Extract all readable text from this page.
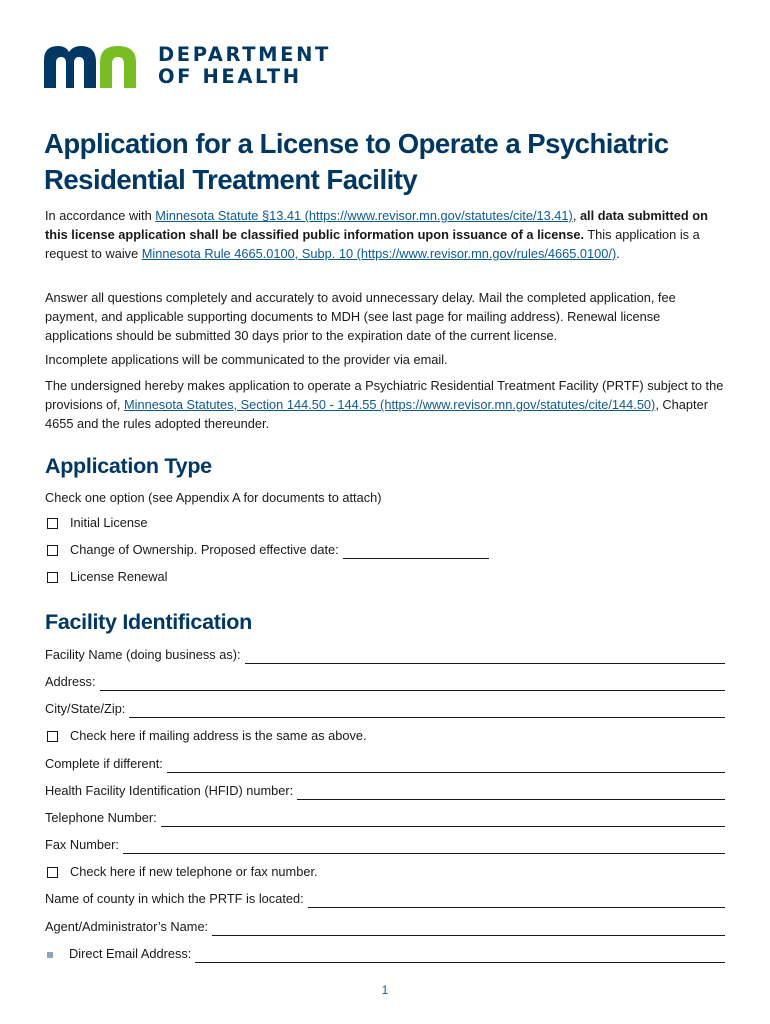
DEPARTMENT
OF HEALTH
Application for a License to Operate a Psychiatric
Residential Treatment Facility

In accordance with Minnesota Statute §13.41 (https://www.revisor.mn.gov/statutes/cite/13.41), all data submitted on this license application shall be classified public information upon issuance of a license. This application is a request to waive Minnesota Rule 4665.0100, Subp. 10 (https://www.revisor.mn.gov/rules/4665.0100/).

Answer all questions completely and accurately to avoid unnecessary delay. Mail the completed application, fee payment, and applicable supporting documents to MDH (see last page for mailing address). Renewal license applications should be submitted 30 days prior to the expiration date of the current license.

Incomplete applications will be communicated to the provider via email.

The undersigned hereby makes application to operate a Psychiatric Residential Treatment Facility (PRTF) subject to the provisions of, Minnesota Statutes, Section 144.50 - 144.55 (https://www.revisor.mn.gov/statutes/cite/144.50), Chapter 4655 and the rules adopted thereunder.

Application Type

Check one option (see Appendix A for documents to attach)

Initial License
Change of Ownership. Proposed effective date:
License Renewal
Facility Identification
Facility Name (doing business as):
Address:
City/State/Zip:
Check here if mailing address is the same as above.
Complete if different:
Health Facility Identification (HFID) number:
Telephone Number:
Fax Number:
Check here if new telephone or fax number.
Name of county in which the PRTF is located:
Agent/Administrator’s Name:
Direct Email Address:
1
